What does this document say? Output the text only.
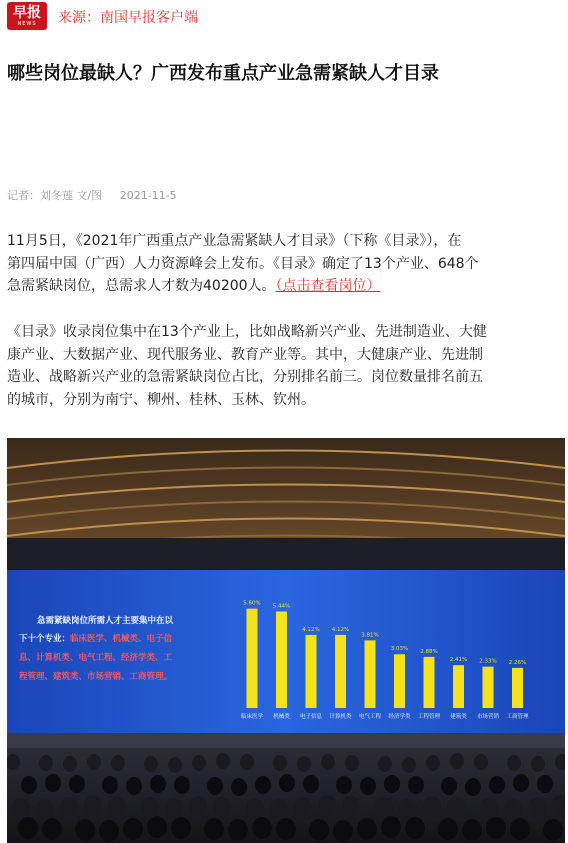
早报
NEWS 来源：南国早报客户端
哪些岗位最缺人？广西发布重点产业急需紧缺人才目录
记者：刘冬莲 文/图 2021-11-5
11月5日，《2021年广西重点产业急需紧缺人才目录》（下称《目录》），在
第四届中国（广西）人力资源峰会上发布。《目录》确定了13个产业、648个
急需紧缺岗位，总需求人才数为40200人。（点击查看岗位）
《目录》收录岗位集中在13个产业上，比如战略新兴产业、先进制造业、大健
康产业、大数据产业、现代服务业、教育产业等。其中，大健康产业、先进制
造业、战略新兴产业的急需紧缺岗位占比，分别排名前三。岗位数量排名前五
的城市，分别为南宁、柳州、桂林、玉林、钦州。
急需紧缺岗位所需人才主要集中在以
下十个专业：临床医学、机械类、电子信
息、计算机类、电气工程、经济学类、工
程管理、建筑类、市场营销、工商管理。
5.60%
临床医学
5.44%
机械类
4.12%
电子信息
4.12%
计算机类
3.81%
电气工程
3.03%
经济学类
2.88%
工程管理
2.41%
建筑类
2.33%
市场营销
2.26%
工商管理
